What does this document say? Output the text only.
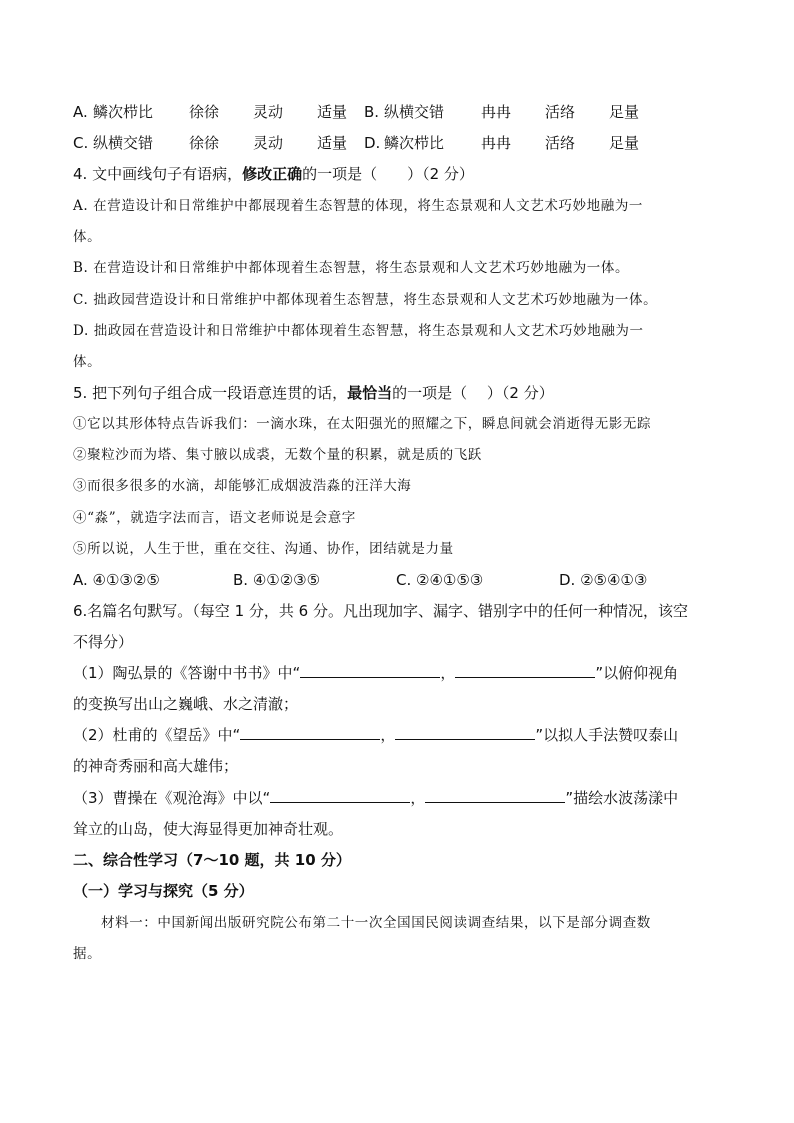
A. 鳞次栉比 徐徐 灵动 适量 B. 纵横交错 冉冉 活络 足量
C. 纵横交错 徐徐 灵动 适量 D. 鳞次栉比 冉冉 活络 足量
4. 文中画线句子有语病，修改正确的一项是（　　）（2 分）
A. 在营造设计和日常维护中都展现着生态智慧的体现，将生态景观和人文艺术巧妙地融为一
体。
B. 在营造设计和日常维护中都体现着生态智慧，将生态景观和人文艺术巧妙地融为一体。
C. 拙政园营造设计和日常维护中都体现着生态智慧，将生态景观和人文艺术巧妙地融为一体。
D. 拙政园在营造设计和日常维护中都体现着生态智慧，将生态景观和人文艺术巧妙地融为一
体。
5. 把下列句子组合成一段语意连贯的话，最恰当的一项是（　 ）（2 分）
①它以其形体特点告诉我们：一滴水珠，在太阳强光的照耀之下，瞬息间就会消逝得无影无踪
②聚粒沙而为塔、集寸腋以成裘，无数个量的积累，就是质的飞跃
③而很多很多的水滴，却能够汇成烟波浩淼的汪洋大海
④“淼”，就造字法而言，语文老师说是会意字
⑤所以说，人生于世，重在交往、沟通、协作，团结就是力量
A. ④①③②⑤	B. ④①②③⑤	C. ②④①⑤③	D. ②⑤④①③
6.名篇名句默写。（每空 1 分，共 6 分。凡出现加字、漏字、错别字中的任何一种情况，该空
不得分）
（1）陶弘景的《答谢中书书》中“	，	”以俯仰视角
的变换写出山之巍峨、水之清澈；
（2）杜甫的《望岳》中“	，	”以拟人手法赞叹泰山
的神奇秀丽和高大雄伟；
（3）曹操在《观沧海》中以“	，	”描绘水波荡漾中
耸立的山岛，使大海显得更加神奇壮观。
二、综合性学习（7～10 题，共 10 分）
（一）学习与探究（5 分）
材料一：中国新闻出版研究院公布第二十一次全国国民阅读调查结果，以下是部分调查数
据。
